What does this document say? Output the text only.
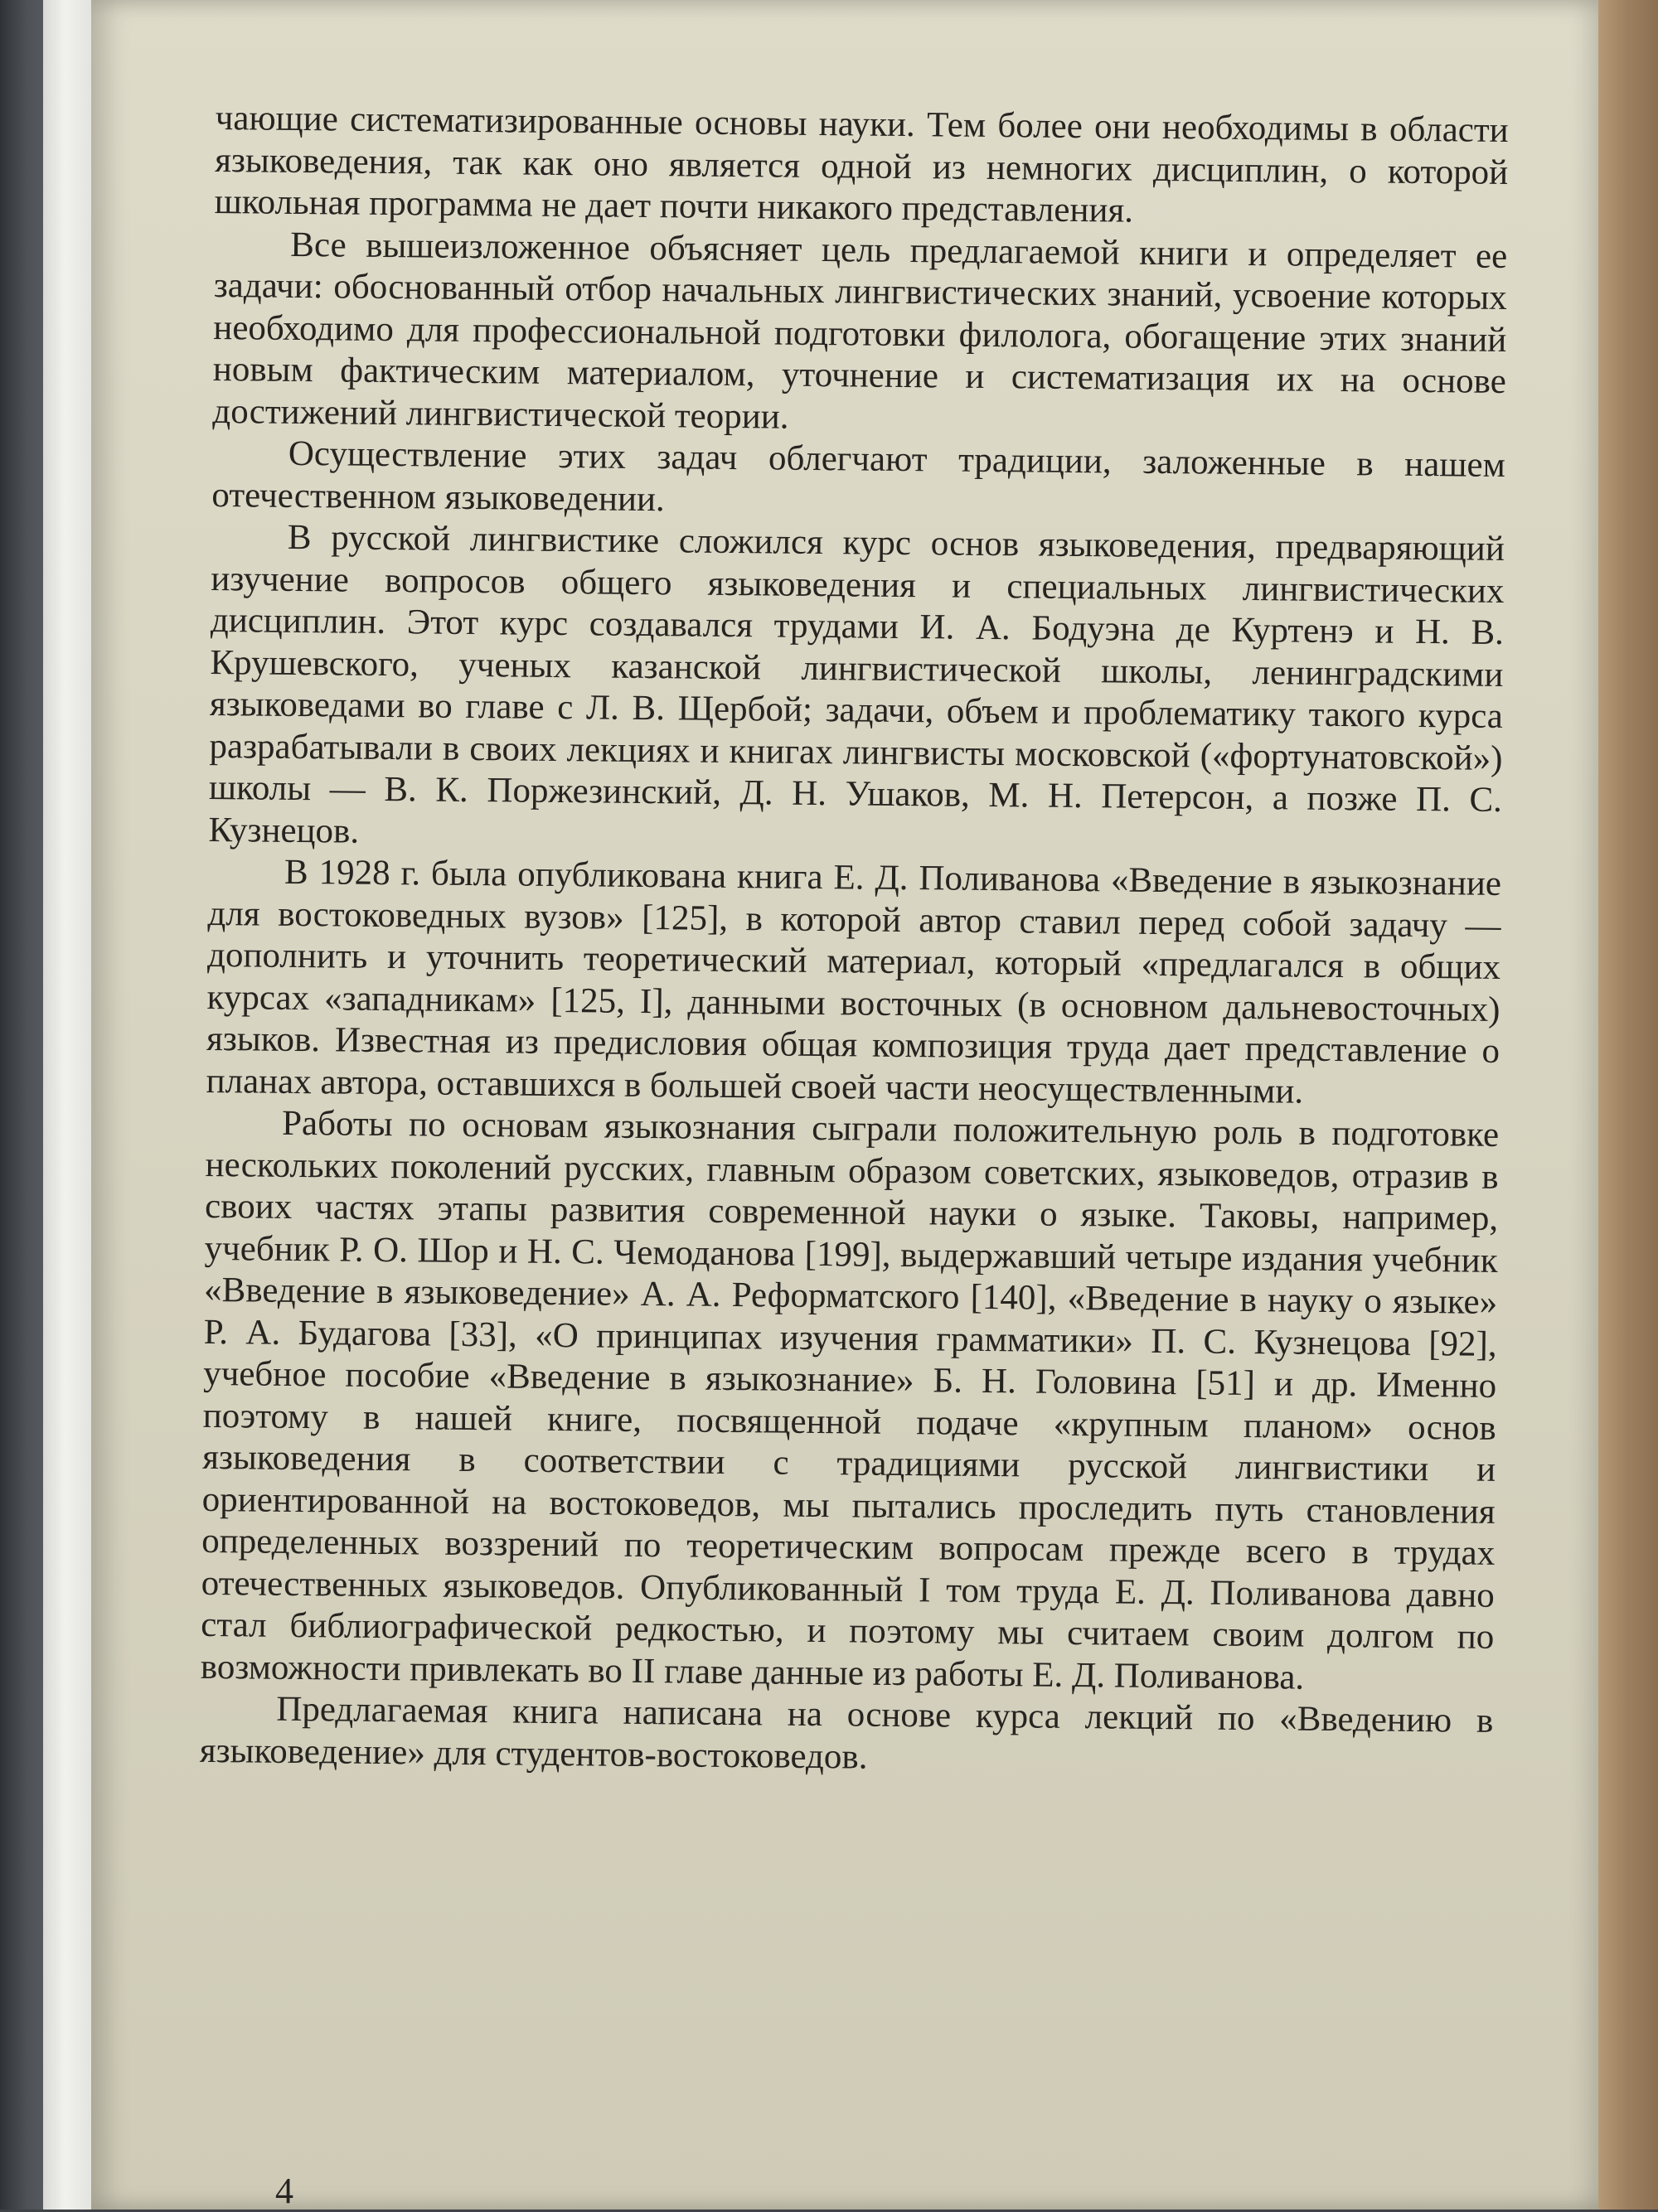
чающие систематизированные основы науки. Тем более они необходимы в области языковедения, так как оно является одной из немногих дисциплин, о которой школьная программа не дает почти никакого представления.

Все вышеизложенное объясняет цель предлагаемой книги и определяет ее задачи: обоснованный отбор начальных лингвистических знаний, усвоение которых необходимо для профессиональной подготовки филолога, обогащение этих знаний новым фактическим материалом, уточнение и систематизация их на основе достижений лингвистической теории.

Осуществление этих задач облегчают традиции, заложенные в нашем отечественном языковедении.

В русской лингвистике сложился курс основ языковедения, предваряющий изучение вопросов общего языковедения и специальных лингвистических дисциплин. Этот курс создавался трудами И. А. Бодуэна де Куртенэ и Н. В. Крушевского, ученых казанской лингвистической школы, ленинградскими языковедами во главе с Л. В. Щербой; задачи, объем и проблематику такого курса разрабатывали в своих лекциях и книгах лингвисты московской («фортунатовской») школы — В. К. Поржезинский, Д. Н. Ушаков, М. Н. Петерсон, а позже П. С. Кузнецов.

В 1928 г. была опубликована книга Е. Д. Поливанова «Введение в языкознание для востоковедных вузов» [125], в которой автор ставил перед собой задачу — дополнить и уточнить теоретический материал, который «предлагался в общих курсах «западникам» [125, I], данными восточных (в основном дальневосточных) языков. Известная из предисловия общая композиция труда дает представление о планах автора, оставшихся в большей своей части неосуществленными.

Работы по основам языкознания сыграли положительную роль в подготовке нескольких поколений русских, главным образом советских, языковедов, отразив в своих частях этапы развития современной науки о языке. Таковы, например, учебник Р. О. Шор и Н. С. Чемоданова [199], выдержавший четыре издания учебник «Введение в языковедение» А. А. Реформатского [140], «Введение в науку о языке» Р. А. Будагова [33], «О принципах изучения грамматики» П. С. Кузнецова [92], учебное пособие «Введение в языкознание» Б. Н. Головина [51] и др. Именно поэтому в нашей книге, посвященной подаче «крупным планом» основ языковедения в соответствии с традициями русской лингвистики и ориентированной на востоковедов, мы пытались проследить путь становления определенных воззрений по теоретическим вопросам прежде всего в трудах отечественных языковедов. Опубликованный I том труда Е. Д. Поливанова давно стал библиографической редкостью, и поэтому мы считаем своим долгом по возможности привлекать во II главе данные из работы Е. Д. Поливанова.

Предлагаемая книга написана на основе курса лекций по «Введению в языковедение» для студентов-востоковедов.

4
